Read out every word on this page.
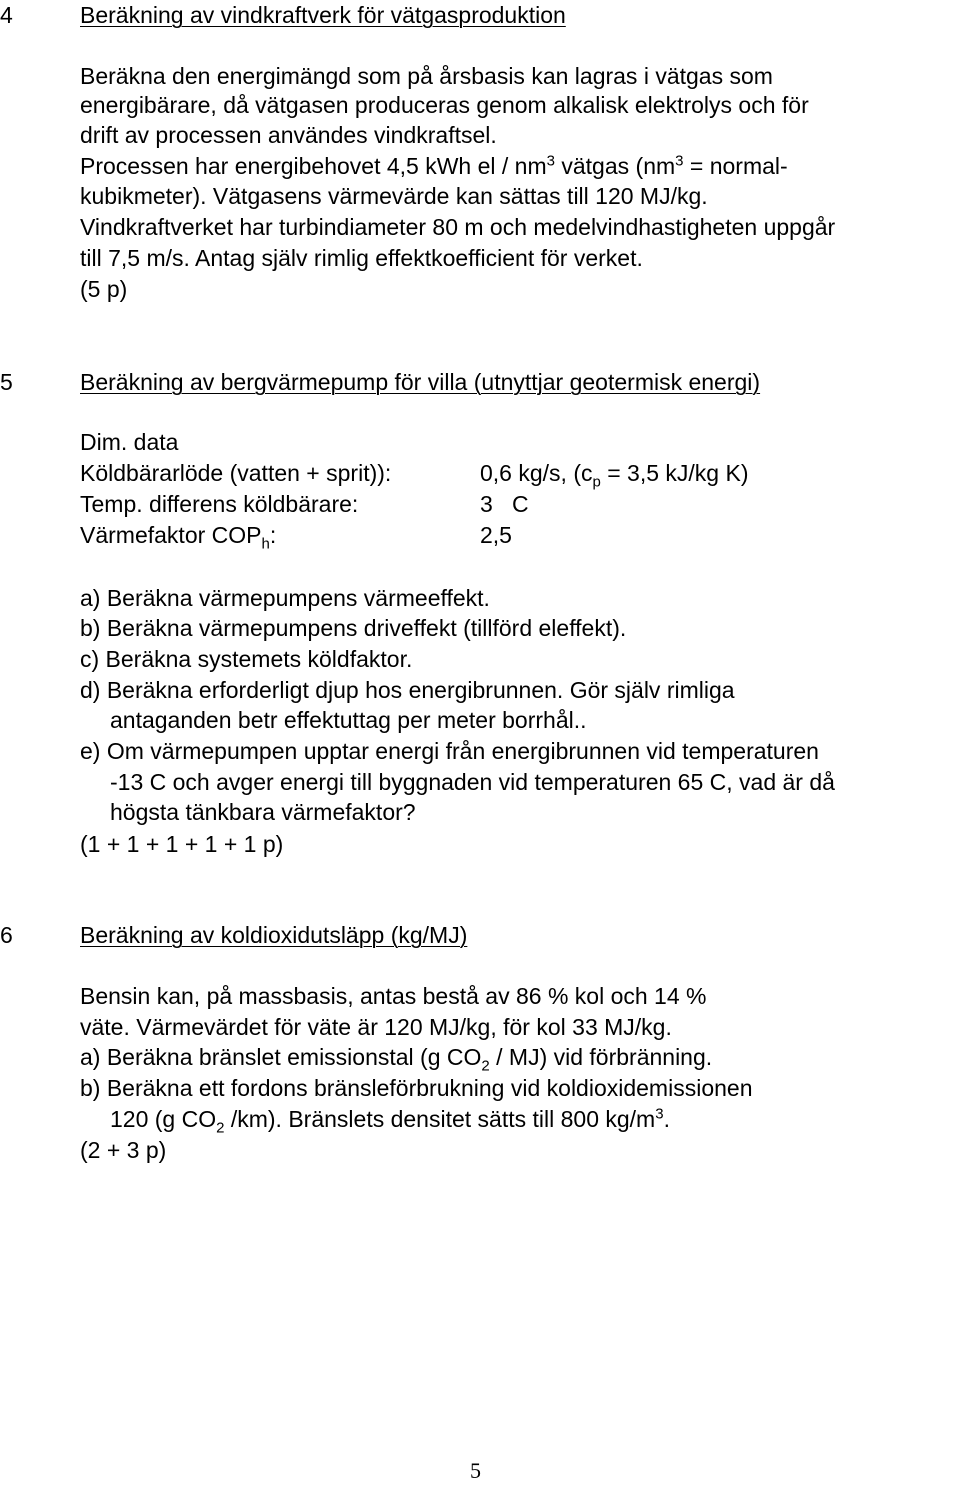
4	Beräkning av vindkraftverk för vätgasproduktion
Beräkna den energimängd som på årsbasis kan lagras i vätgas som
energibärare, då vätgasen produceras genom alkalisk elektrolys och för
drift av processen användes vindkraftsel.
Processen har energibehovet 4,5 kWh el / $nm^3$ vätgas ($nm^3$ = normal-
kubikmeter). Vätgasens värmevärde kan sättas till 120 MJ/kg.
Vindkraftverket har turbindiameter 80 m och medelvindhastigheten uppgår
till 7,5 m/s. Antag själv rimlig effektkoefficient för verket.
(5 p)
5	Beräkning av bergvärmepump för villa (utnyttjar geotermisk energi)
Dim. data
Köldbärarlöde (vatten + sprit)):	0,6 kg/s, ($c_p = 3,5$ kJ/kg K)
Temp. differens köldbärare:	3   C
Värmefaktor $COP_h$:	2,5
a) Beräkna värmepumpens värmeeffekt.
b) Beräkna värmepumpens driveffekt (tillförd eleffekt).
c) Beräkna systemets köldfaktor.
d) Beräkna erforderligt djup hos energibrunnen. Gör själv rimliga
antaganden betr effektuttag per meter borrhål..
e) Om värmepumpen upptar energi från energibrunnen vid temperaturen
-13 C och avger energi till byggnaden vid temperaturen 65 C, vad är då
högsta tänkbara värmefaktor?
(1 + 1 + 1 + 1 + 1 p)
6	Beräkning av koldioxidutsläpp (kg/MJ)
Bensin kan, på massbasis, antas bestå av 86 % kol och 14 %
väte. Värmevärdet för väte är 120 MJ/kg, för kol 33 MJ/kg.
a) Beräkna bränslet emissionstal (g $CO_2 / MJ$) vid förbränning.
b) Beräkna ett fordons bränsleförbrukning vid koldioxidemissionen
120 (g $CO_2$ /km). Bränslets densitet sätts till 800 $kg/m^3$.
(2 + 3 p)
5
